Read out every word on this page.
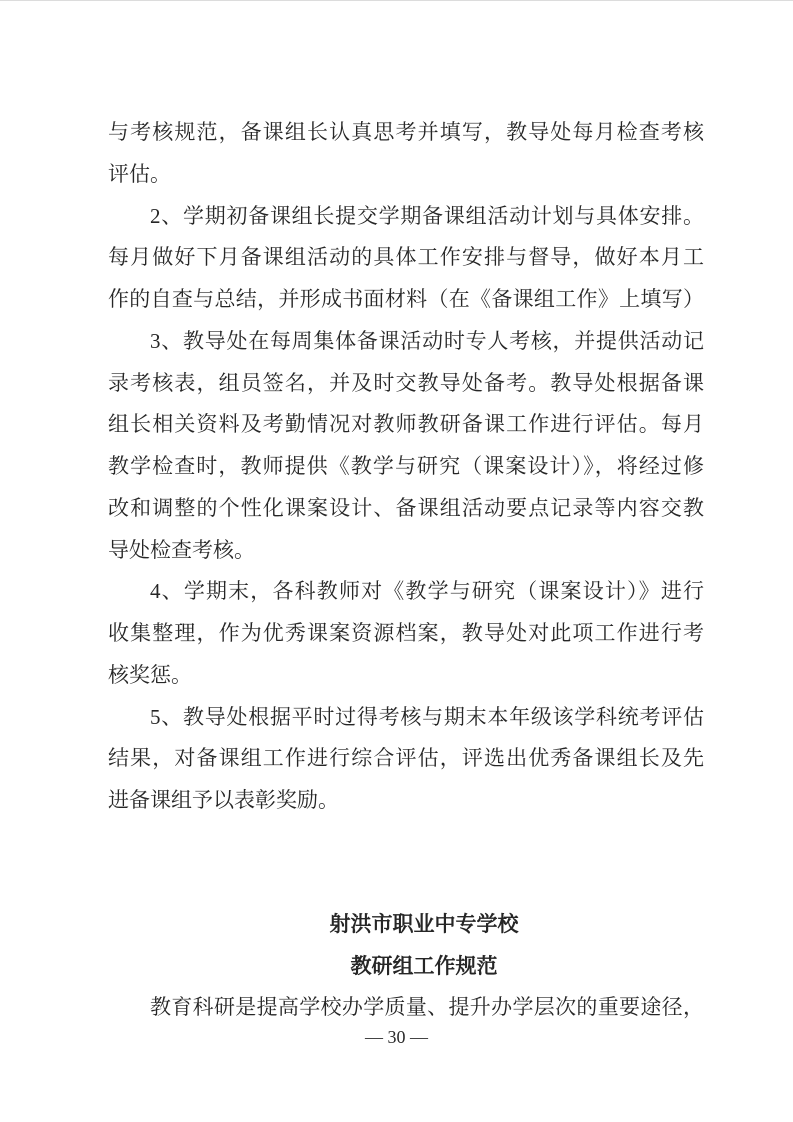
与考核规范，备课组长认真思考并填写，教导处每月检查考核
评估。
2、学期初备课组长提交学期备课组活动计划与具体安排。
每月做好下月备课组活动的具体工作安排与督导，做好本月工
作的自查与总结，并形成书面材料（在《备课组工作》上填写）
3、教导处在每周集体备课活动时专人考核，并提供活动记
录考核表，组员签名，并及时交教导处备考。教导处根据备课
组长相关资料及考勤情况对教师教研备课工作进行评估。每月
教学检查时，教师提供《教学与研究（课案设计）》，将经过修
改和调整的个性化课案设计、备课组活动要点记录等内容交教
导处检查考核。
4、学期末，各科教师对《教学与研究（课案设计）》进行
收集整理，作为优秀课案资源档案，教导处对此项工作进行考
核奖惩。
5、教导处根据平时过得考核与期末本年级该学科统考评估
结果，对备课组工作进行综合评估，评选出优秀备课组长及先
进备课组予以表彰奖励。
射洪市职业中专学校
教研组工作规范
教育科研是提高学校办学质量、提升办学层次的重要途径，
— 30 —
